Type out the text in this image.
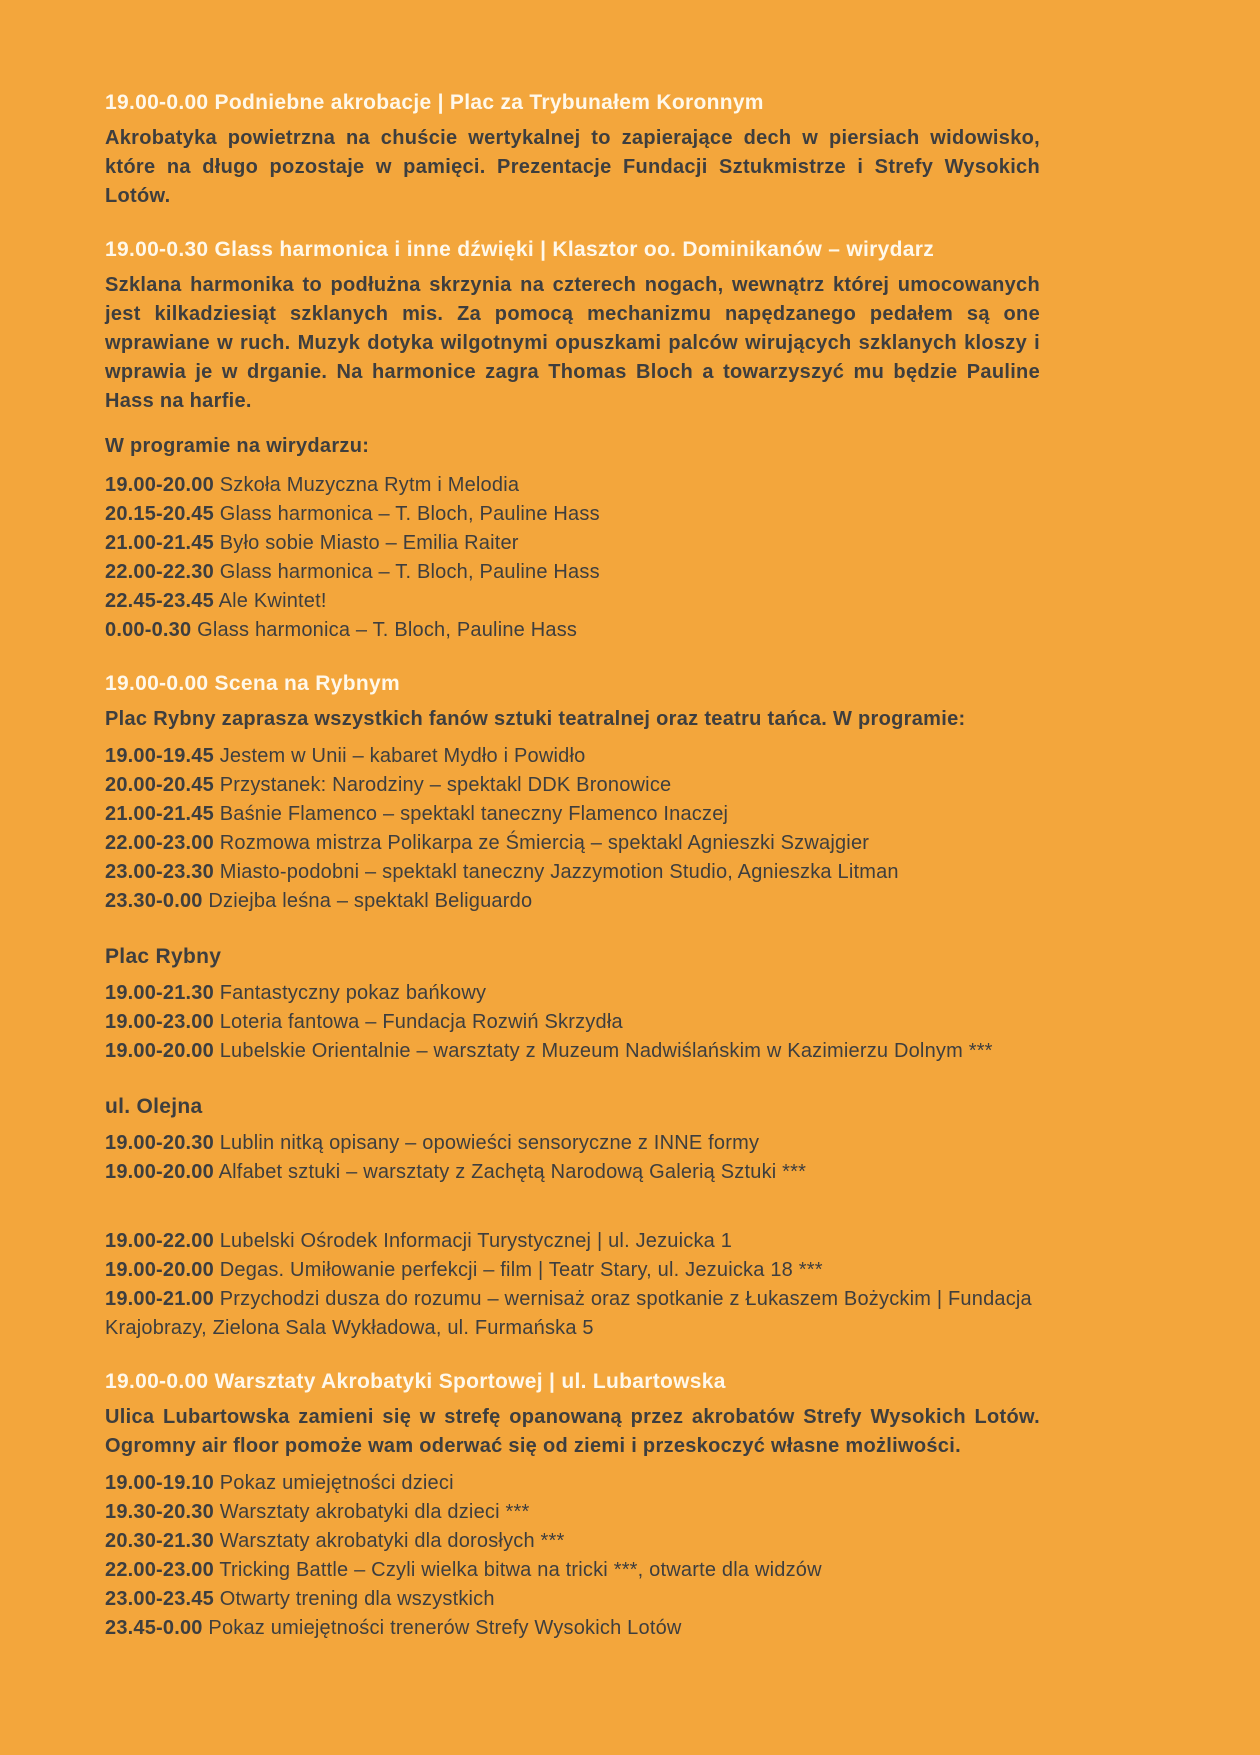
19.00-0.00 Podniebne akrobacje | Plac za Trybunałem Koronnym

Akrobatyka powietrzna na chuście wertykalnej to zapierające dech w piersiach widowisko, które na długo pozostaje w pamięci. Prezentacje Fundacji Sztukmistrze i Strefy Wysokich Lotów.

19.00-0.30 Glass harmonica i inne dźwięki | Klasztor oo. Dominikanów – wirydarz

Szklana harmonika to podłużna skrzynia na czterech nogach, wewnątrz której umocowanych jest kilkadziesiąt szklanych mis. Za pomocą mechanizmu napędzanego pedałem są one wprawiane w ruch. Muzyk dotyka wilgotnymi opuszkami palców wirujących szklanych kloszy i wprawia je w drganie. Na harmonice zagra Thomas Bloch a towarzyszyć mu będzie Pauline Hass na harfie.

W programie na wirydarzu:

19.00-20.00 Szkoła Muzyczna Rytm i Melodia
20.15-20.45 Glass harmonica – T. Bloch, Pauline Hass
21.00-21.45 Było sobie Miasto – Emilia Raiter
22.00-22.30 Glass harmonica – T. Bloch, Pauline Hass
22.45-23.45 Ale Kwintet!
0.00-0.30 Glass harmonica – T. Bloch, Pauline Hass
19.00-0.00 Scena na Rybnym

Plac Rybny zaprasza wszystkich fanów sztuki teatralnej oraz teatru tańca. W programie:

19.00-19.45 Jestem w Unii – kabaret Mydło i Powidło
20.00-20.45 Przystanek: Narodziny – spektakl DDK Bronowice
21.00-21.45 Baśnie Flamenco – spektakl taneczny Flamenco Inaczej
22.00-23.00 Rozmowa mistrza Polikarpa ze Śmiercią – spektakl Agnieszki Szwajgier
23.00-23.30 Miasto-podobni – spektakl taneczny Jazzymotion Studio, Agnieszka Litman
23.30-0.00 Dziejba leśna – spektakl Beliguardo
Plac Rybny
19.00-21.30 Fantastyczny pokaz bańkowy
19.00-23.00 Loteria fantowa – Fundacja Rozwiń Skrzydła
19.00-20.00 Lubelskie Orientalnie – warsztaty z Muzeum Nadwiślańskim w Kazimierzu Dolnym ***
ul. Olejna
19.00-20.30 Lublin nitką opisany – opowieści sensoryczne z INNE formy
19.00-20.00 Alfabet sztuki – warsztaty z Zachętą Narodową Galerią Sztuki ***
19.00-22.00 Lubelski Ośrodek Informacji Turystycznej | ul. Jezuicka 1
19.00-20.00 Degas. Umiłowanie perfekcji – film | Teatr Stary, ul. Jezuicka 18 ***
19.00-21.00 Przychodzi dusza do rozumu – wernisaż oraz spotkanie z Łukaszem Bożyckim | Fundacja Krajobrazy, Zielona Sala Wykładowa, ul. Furmańska 5
19.00-0.00 Warsztaty Akrobatyki Sportowej | ul. Lubartowska

Ulica Lubartowska zamieni się w strefę opanowaną przez akrobatów Strefy Wysokich Lotów. Ogromny air floor pomoże wam oderwać się od ziemi i przeskoczyć własne możliwości.

19.00-19.10 Pokaz umiejętności dzieci
19.30-20.30 Warsztaty akrobatyki dla dzieci ***
20.30-21.30 Warsztaty akrobatyki dla dorosłych ***
22.00-23.00 Tricking Battle – Czyli wielka bitwa na tricki ***, otwarte dla widzów
23.00-23.45 Otwarty trening dla wszystkich
23.45-0.00 Pokaz umiejętności trenerów Strefy Wysokich Lotów
